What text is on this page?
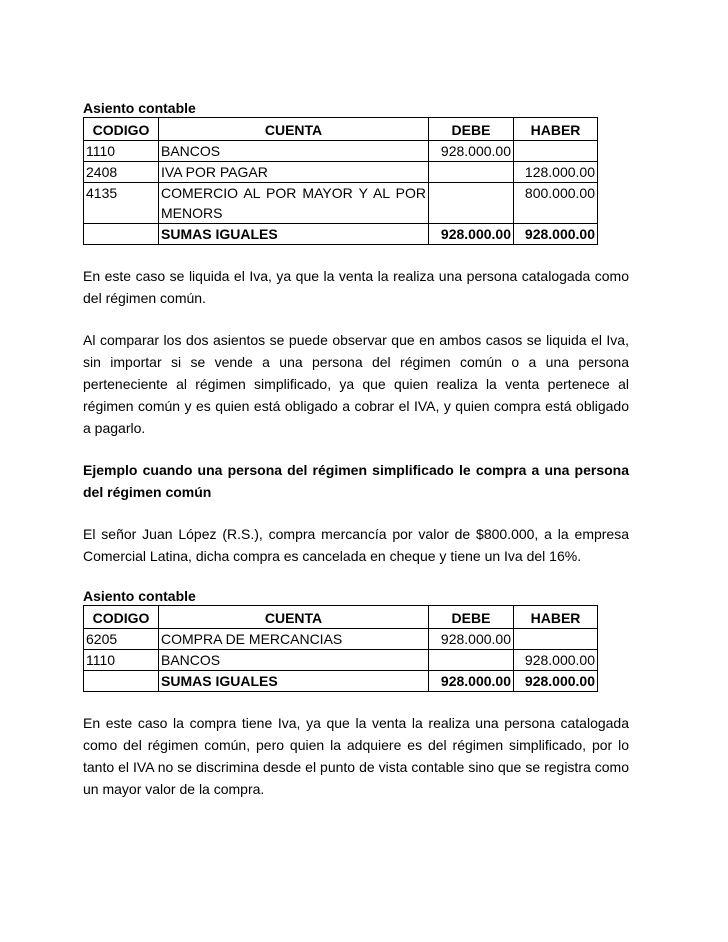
Asiento contable

CODIGO	CUENTA	DEBE	HABER
1110	BANCOS	928.000.00	
2408	IVA POR PAGAR		128.000.00
4135	COMERCIO AL POR MAYOR Y AL POR MENORS		800.000.00
	SUMAS IGUALES	928.000.00	928.000.00

En este caso se liquida el Iva, ya que la venta la realiza una persona catalogada como del régimen común.

Al comparar los dos asientos se puede observar que en ambos casos se liquida el Iva, sin importar si se vende a una persona del régimen común o a una persona perteneciente al régimen simplificado, ya que quien realiza la venta pertenece al régimen común y es quien está obligado a cobrar el IVA, y quien compra está obligado a pagarlo.

Ejemplo cuando una persona del régimen simplificado le compra a una persona del régimen común

El señor Juan López (R.S.), compra mercancía por valor de $800.000, a la empresa Comercial Latina, dicha compra es cancelada en cheque y tiene un Iva del 16%.

Asiento contable

CODIGO	CUENTA	DEBE	HABER
6205	COMPRA DE MERCANCIAS	928.000.00	
1110	BANCOS		928.000.00
	SUMAS IGUALES	928.000.00	928.000.00

En este caso la compra tiene Iva, ya que la venta la realiza una persona catalogada como del régimen común, pero quien la adquiere es del régimen simplificado, por lo tanto el IVA no se discrimina desde el punto de vista contable sino que se registra como un mayor valor de la compra.
